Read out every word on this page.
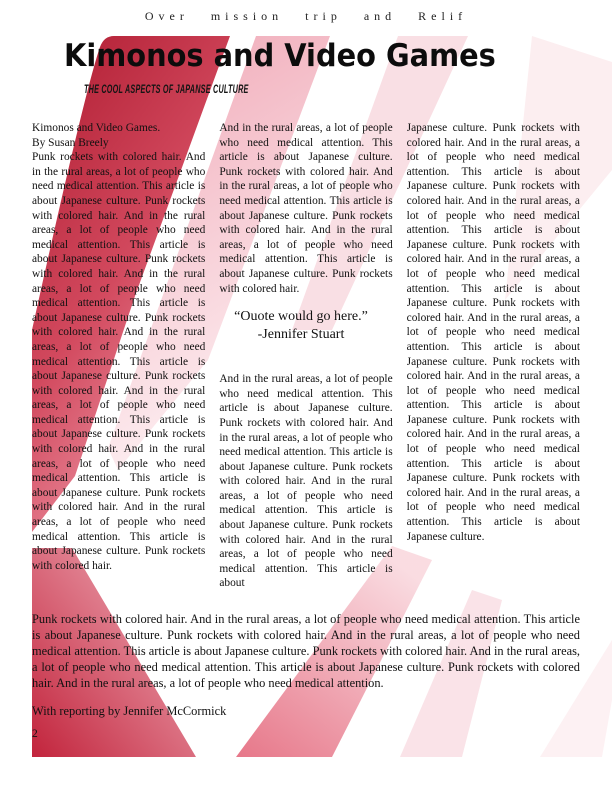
Over mission trip and Relif
Kimonos and Video Games
THE COOL ASPECTS OF JAPANSE CULTURE

Kimonos and Video Games.
By Susan Breely

Punk rockets with colored hair. And in the rural areas, a lot of people who need medical attention. This article is about Japanese culture. Punk rockets with colored hair. And in the rural areas, a lot of people who need medical attention. This article is about Japanese culture. Punk rockets with colored hair. And in the rural areas, a lot of people who need medical attention. This article is about Japanese culture. Punk rockets with colored hair. And in the rural areas, a lot of people who need medical attention. This article is about Japanese culture. Punk rockets with colored hair. And in the rural areas, a lot of people who need medical attention. This article is about Japanese culture. Punk rockets with colored hair. And in the rural areas, a lot of people who need medical attention. This article is about Japanese culture. Punk rockets with colored hair. And in the rural areas, a lot of people who need medical attention. This article is about Japanese culture. Punk rockets with colored hair.

And in the rural areas, a lot of people who need medical attention. This article is about Japanese culture. Punk rockets with colored hair. And in the rural areas, a lot of people who need medical attention. This article is about Japanese culture. Punk rockets with colored hair. And in the rural areas, a lot of people who need medical attention. This article is about Japanese culture. Punk rockets with colored hair.

“Ouote would go here.”
-Jennifer Stuart

And in the rural areas, a lot of people who need medical attention. This article is about Japanese culture. Punk rockets with colored hair. And in the rural areas, a lot of people who need medical attention. This article is about Japanese culture. Punk rockets with colored hair. And in the rural areas, a lot of people who need medical attention. This article is about Japanese culture. Punk rockets with colored hair. And in the rural areas, a lot of people who need medical attention. This article is about

Japanese culture. Punk rockets with colored hair. And in the rural areas, a lot of people who need medical attention. This article is about Japanese culture. Punk rockets with colored hair. And in the rural areas, a lot of people who need medical attention. This article is about Japanese culture. Punk rockets with colored hair. And in the rural areas, a lot of people who need medical attention. This article is about Japanese culture. Punk rockets with colored hair. And in the rural areas, a lot of people who need medical attention. This article is about Japanese culture. Punk rockets with colored hair. And in the rural areas, a lot of people who need medical attention. This article is about Japanese culture. Punk rockets with colored hair. And in the rural areas, a lot of people who need medical attention. This article is about Japanese culture. Punk rockets with colored hair. And in the rural areas, a lot of people who need medical attention. This article is about Japanese culture.

Punk rockets with colored hair. And in the rural areas, a lot of people who need medical attention. This article is about Japanese culture. Punk rockets with colored hair. And in the rural areas, a lot of people who need medical attention. This article is about Japanese culture. Punk rockets with colored hair. And in the rural areas, a lot of people who need medical attention. This article is about Japanese culture. Punk rockets with colored hair. And in the rural areas, a lot of people who need medical attention.
With reporting by Jennifer McCormick
2
